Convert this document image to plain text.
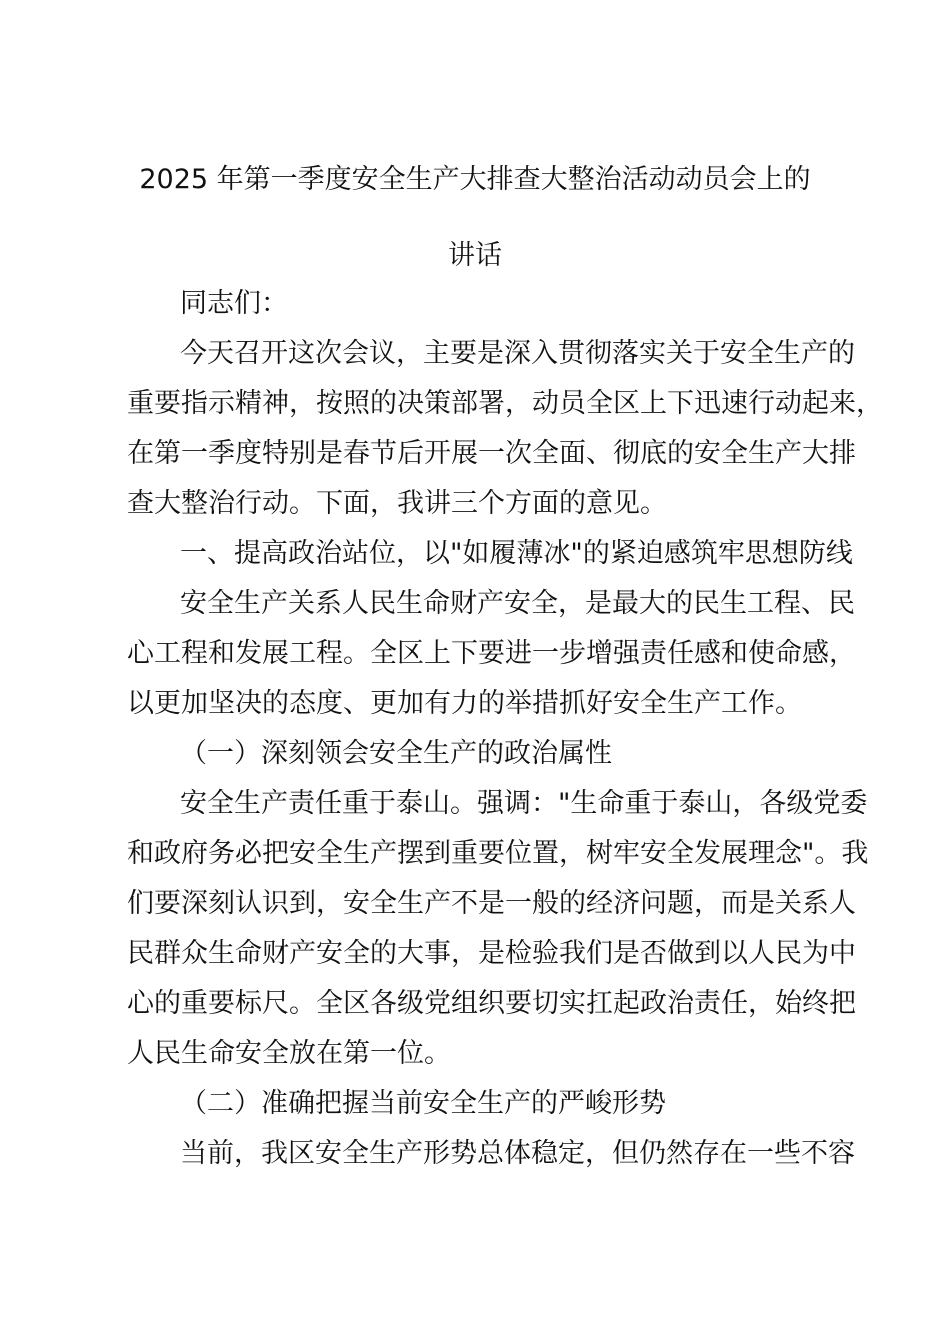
2025 年第一季度安全生产大排查大整治活动动员会上的
讲话
同志们：
今天召开这次会议，主要是深入贯彻落实关于安全生产的
重要指示精神，按照的决策部署，动员全区上下迅速行动起来，
在第一季度特别是春节后开展一次全面、彻底的安全生产大排
查大整治行动。下面，我讲三个方面的意见。
一、提高政治站位，以"如履薄冰"的紧迫感筑牢思想防线
安全生产关系人民生命财产安全，是最大的民生工程、民
心工程和发展工程。全区上下要进一步增强责任感和使命感，
以更加坚决的态度、更加有力的举措抓好安全生产工作。
（一）深刻领会安全生产的政治属性
安全生产责任重于泰山。强调："生命重于泰山，各级党委
和政府务必把安全生产摆到重要位置，树牢安全发展理念"。我
们要深刻认识到，安全生产不是一般的经济问题，而是关系人
民群众生命财产安全的大事，是检验我们是否做到以人民为中
心的重要标尺。全区各级党组织要切实扛起政治责任，始终把
人民生命安全放在第一位。
（二）准确把握当前安全生产的严峻形势
当前，我区安全生产形势总体稳定，但仍然存在一些不容
